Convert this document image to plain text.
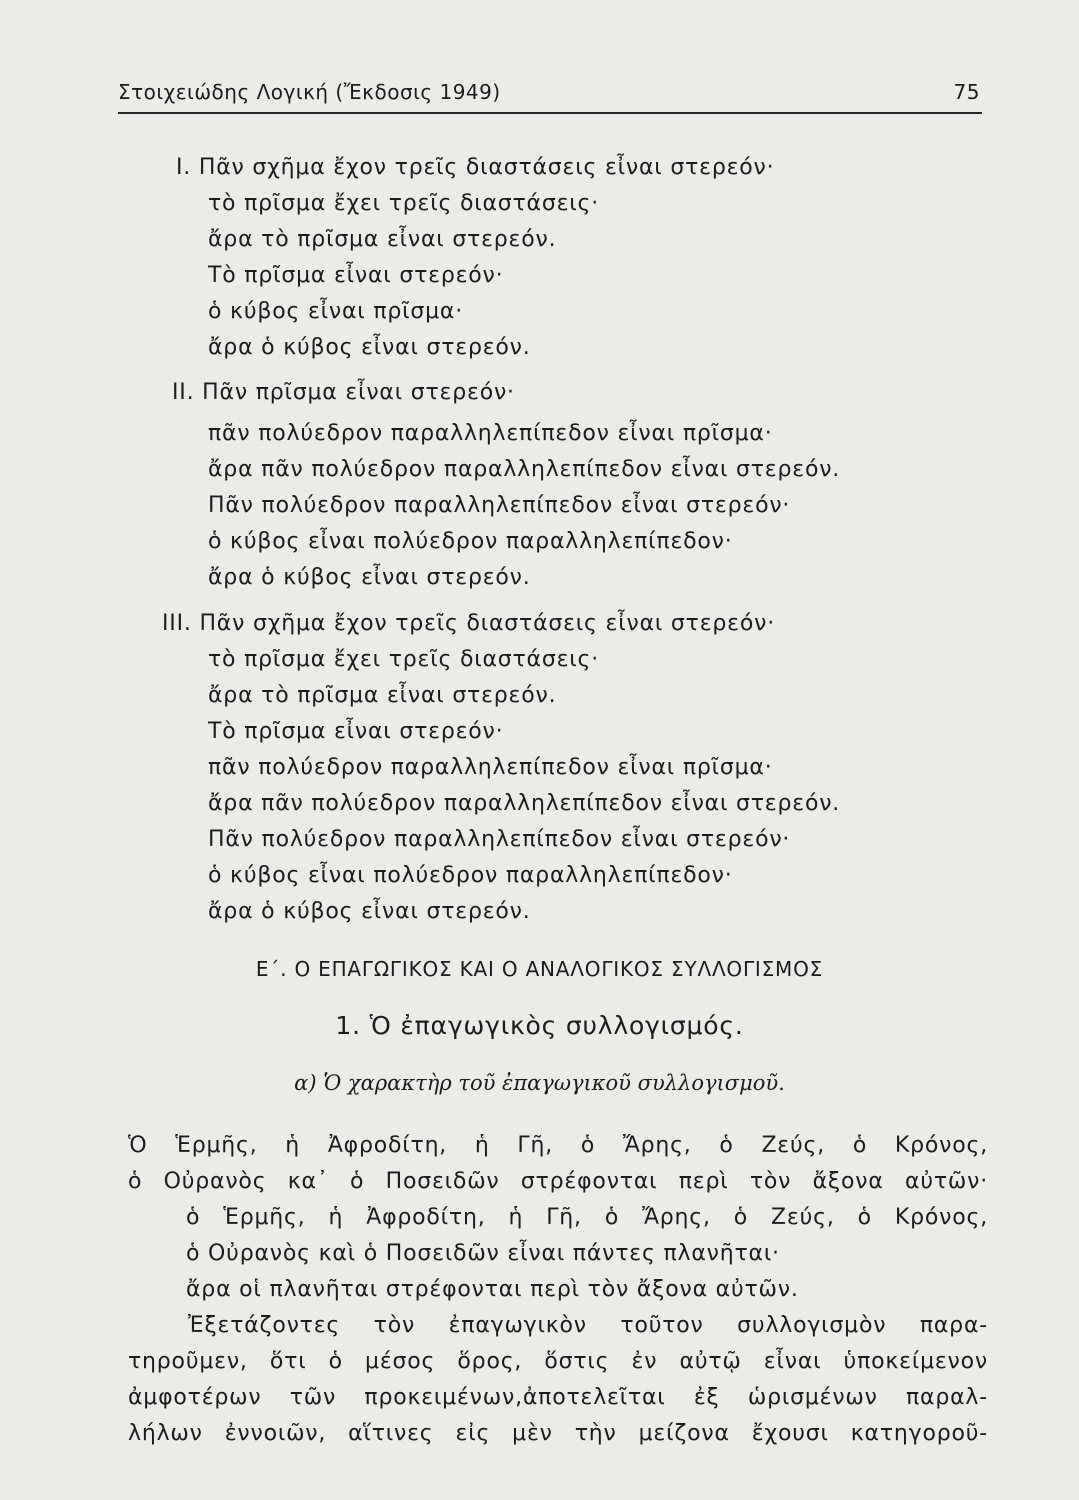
Στοιχειώδης Λογική (Ἔκδοσις 1949)	75
I. Πᾶν σχῆμα ἔχον τρεῖς διαστάσεις εἶναι στερεόν·
τὸ πρῖσμα ἔχει τρεῖς διαστάσεις·
ἄρα τὸ πρῖσμα εἶναι στερεόν.
Τὸ πρῖσμα εἶναι στερεόν·
ὁ κύβος εἶναι πρῖσμα·
ἄρα ὁ κύβος εἶναι στερεόν.
II. Πᾶν πρῖσμα εἶναι στερεόν·
πᾶν πολύεδρον παραλληλεπίπεδον εἶναι πρῖσμα·
ἄρα πᾶν πολύεδρον παραλληλεπίπεδον εἶναι στερεόν.
Πᾶν πολύεδρον παραλληλεπίπεδον εἶναι στερεόν·
ὁ κύβος εἶναι πολύεδρον παραλληλεπίπεδον·
ἄρα ὁ κύβος εἶναι στερεόν.
III. Πᾶν σχῆμα ἔχον τρεῖς διαστάσεις εἶναι στερεόν·
τὸ πρῖσμα ἔχει τρεῖς διαστάσεις·
ἄρα τὸ πρῖσμα εἶναι στερεόν.
Τὸ πρῖσμα εἶναι στερεόν·
πᾶν πολύεδρον παραλληλεπίπεδον εἶναι πρῖσμα·
ἄρα πᾶν πολύεδρον παραλληλεπίπεδον εἶναι στερεόν.
Πᾶν πολύεδρον παραλληλεπίπεδον εἶναι στερεόν·
ὁ κύβος εἶναι πολύεδρον παραλληλεπίπεδον·
ἄρα ὁ κύβος εἶναι στερεόν.
Ε΄. Ο ΕΠΑΓΩΓΙΚΟΣ ΚΑΙ Ο ΑΝΑΛΟΓΙΚΟΣ ΣΥΛΛΟΓΙΣΜΟΣ
1. Ὁ ἐπαγωγικὸς συλλογισμός.
α) Ὁ χαρακτὴρ τοῦ ἐπαγωγικοῦ συλλογισμοῦ.
Ὁ Ἑρμῆς, ἡ Ἀφροδίτη, ἡ Γῆ, ὁ Ἄρης, ὁ Ζεύς, ὁ Κρόνος,
ὁ Οὐρανὸς κα᾽ ὁ Ποσειδῶν στρέφονται περὶ τὸν ἄξονα αὐτῶν·
ὁ Ἑρμῆς, ἡ Ἀφροδίτη, ἡ Γῆ, ὁ Ἄρης, ὁ Ζεύς, ὁ Κρόνος,
ὁ Οὐρανὸς καὶ ὁ Ποσειδῶν εἶναι πάντες πλανῆται·
ἄρα οἱ πλανῆται στρέφονται περὶ τὸν ἄξονα αὐτῶν.
Ἐξετάζοντες τὸν ἐπαγωγικὸν τοῦτον συλλογισμὸν παρα-
τηροῦμεν, ὅτι ὁ μέσος ὅρος, ὅστις ἐν αὐτῷ εἶναι ὑποκείμενον
ἀμφοτέρων τῶν προκειμένων,ἀποτελεῖται ἐξ ὡρισμένων παραλ-
λήλων ἐννοιῶν, αἵτινες εἰς μὲν τὴν μείζονα ἔχουσι κατηγοροῦ-
